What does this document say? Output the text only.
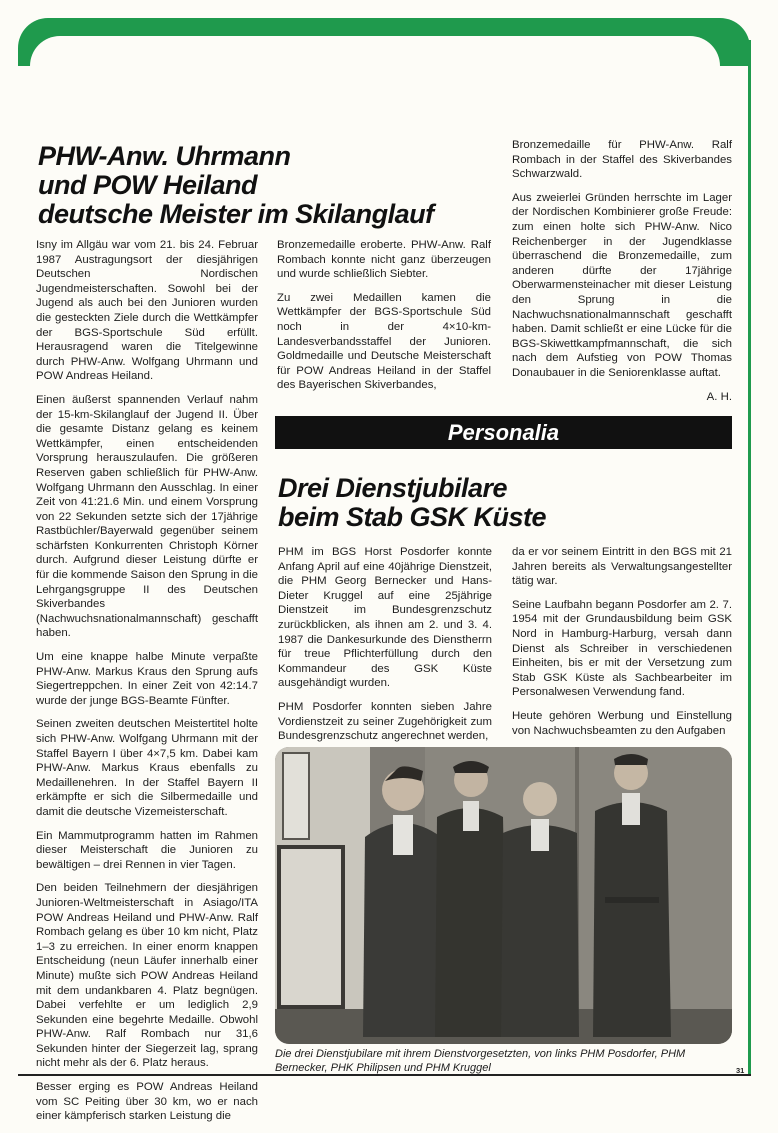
PHW-Anw. Uhrmann
und POW Heiland
deutsche Meister im Skilanglauf

Isny im Allgäu war vom 21. bis 24. Februar 1987 Austragungsort der diesjährigen Deutschen Nordischen Jugendmeisterschaften. Sowohl bei der Jugend als auch bei den Junioren wurden die gesteckten Ziele durch die Wettkämpfer der BGS-Sportschule Süd erfüllt. Herausragend waren die Titelgewinne durch PHW-Anw. Wolfgang Uhrmann und POW Andreas Heiland.

Einen äußerst spannenden Verlauf nahm der 15-km-Skilanglauf der Jugend II. Über die gesamte Distanz gelang es keinem Wettkämpfer, einen entscheidenden Vorsprung herauszulaufen. Die größeren Reserven gaben schließlich für PHW-Anw. Wolfgang Uhrmann den Ausschlag. In einer Zeit von 41:21.6 Min. und einem Vorsprung von 22 Sekunden setzte sich der 17jährige Rastbüchler/Bayerwald gegenüber seinem schärfsten Konkurrenten Christoph Körner durch. Aufgrund dieser Leistung dürfte er für die kommende Saison den Sprung in die Lehrgangsgruppe II des Deutschen Skiverbandes (Nachwuchsnationalmannschaft) geschafft haben.

Um eine knappe halbe Minute verpaßte PHW-Anw. Markus Kraus den Sprung aufs Siegertreppchen. In einer Zeit von 42:14.7 wurde der junge BGS-Beamte Fünfter.

Seinen zweiten deutschen Meistertitel holte sich PHW-Anw. Wolfgang Uhrmann mit der Staffel Bayern I über 4×7,5 km. Dabei kam PHW-Anw. Markus Kraus ebenfalls zu Medaillenehren. In der Staffel Bayern II erkämpfte er sich die Silbermedaille und damit die deutsche Vizemeisterschaft.

Ein Mammutprogramm hatten im Rahmen dieser Meisterschaft die Junioren zu bewältigen – drei Rennen in vier Tagen.

Den beiden Teilnehmern der diesjährigen Junioren-Weltmeisterschaft in Asiago/ITA POW Andreas Heiland und PHW-Anw. Ralf Rombach gelang es über 10 km nicht, Platz 1–3 zu erreichen. In einer enorm knappen Entscheidung (neun Läufer innerhalb einer Minute) mußte sich POW Andreas Heiland mit dem undankbaren 4. Platz begnügen. Dabei verfehlte er um lediglich 2,9 Sekunden eine begehrte Medaille. Obwohl PHW-Anw. Ralf Rombach nur 31,6 Sekunden hinter der Siegerzeit lag, sprang nicht mehr als der 6. Platz heraus.

Besser erging es POW Andreas Heiland vom SC Peiting über 30 km, wo er nach einer kämpferisch starken Leistung die

Bronzemedaille eroberte. PHW-Anw. Ralf Rombach konnte nicht ganz überzeugen und wurde schließlich Siebter.

Zu zwei Medaillen kamen die Wettkämpfer der BGS-Sportschule Süd noch in der 4×10-km-Landesverbandsstaffel der Junioren. Goldmedaille und Deutsche Meisterschaft für POW Andreas Heiland in der Staffel des Bayerischen Skiverbandes,

Bronzemedaille für PHW-Anw. Ralf Rombach in der Staffel des Skiverbandes Schwarzwald.

Aus zweierlei Gründen herrschte im Lager der Nordischen Kombinierer große Freude: zum einen holte sich PHW-Anw. Nico Reichenberger in der Jugendklasse überraschend die Bronzemedaille, zum anderen dürfte der 17jährige Oberwarmensteinacher mit dieser Leistung den Sprung in die Nachwuchsnationalmannschaft geschafft haben. Damit schließt er eine Lücke für die BGS-Skiwettkampfmannschaft, die sich nach dem Aufstieg von POW Thomas Donaubauer in die Seniorenklasse auftat.

A. H.

Personalia
Drei Dienstjubilare
beim Stab GSK Küste

PHM im BGS Horst Posdorfer konnte Anfang April auf eine 40jährige Dienstzeit, die PHM Georg Bernecker und Hans-Dieter Kruggel auf eine 25jährige Dienstzeit im Bundesgrenzschutz zurückblicken, als ihnen am 2. und 3. 4. 1987 die Dankesurkunde des Dienstherrn für treue Pflichterfüllung durch den Kommandeur des GSK Küste ausgehändigt wurden.

PHM Posdorfer konnten sieben Jahre Vordienstzeit zu seiner Zugehörigkeit zum Bundesgrenzschutz angerechnet werden,

da er vor seinem Eintritt in den BGS mit 21 Jahren bereits als Verwaltungsangestellter tätig war.

Seine Laufbahn begann Posdorfer am 2. 7. 1954 mit der Grundausbildung beim GSK Nord in Hamburg-Harburg, versah dann Dienst als Schreiber in verschiedenen Einheiten, bis er mit der Versetzung zum Stab GSK Küste als Sachbearbeiter im Personalwesen Verwendung fand.

Heute gehören Werbung und Einstellung von Nachwuchsbeamten zu den Aufgaben

Die drei Dienstjubilare mit ihrem Dienstvorgesetzten, von links PHM Posdorfer, PHM Bernecker, PHK Philipsen und PHM Kruggel	31
